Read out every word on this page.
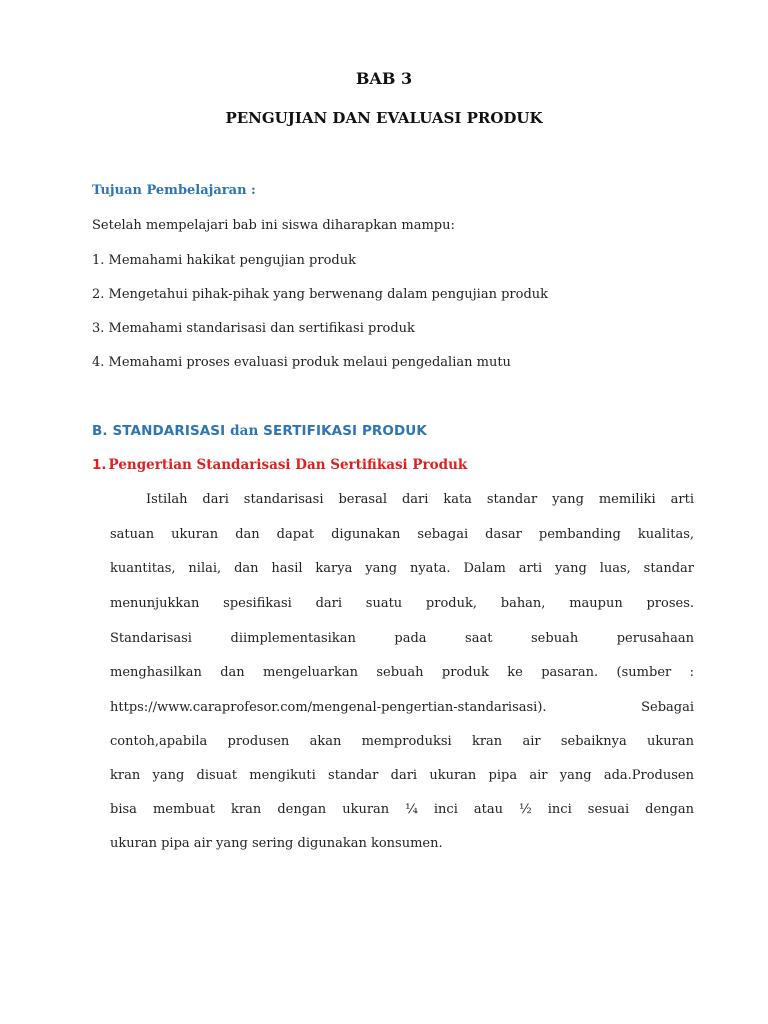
BAB 3
PENGUJIAN DAN EVALUASI PRODUK
Tujuan Pembelajaran :
Setelah mempelajari bab ini siswa diharapkan mampu:
1. Memahami hakikat pengujian produk
2. Mengetahui pihak-pihak yang berwenang dalam pengujian produk
3. Memahami standarisasi dan sertifikasi produk
4. Memahami proses evaluasi produk melaui pengedalian mutu
B. STANDARISASI dan SERTIFIKASI PRODUK
1. Pengertian Standarisasi Dan Sertifikasi Produk
Istilah dari standarisasi berasal dari kata standar yang memiliki arti
satuan ukuran dan dapat digunakan sebagai dasar pembanding kualitas,
kuantitas, nilai, dan hasil karya yang nyata. Dalam arti yang luas, standar
menunjukkan spesifikasi dari suatu produk, bahan, maupun proses.
Standarisasi diimplementasikan pada saat sebuah perusahaan
menghasilkan dan mengeluarkan sebuah produk ke pasaran. (sumber :
https://www.caraprofesor.com/mengenal-pengertian-standarisasi). Sebagai
contoh,apabila produsen akan memproduksi kran air sebaiknya ukuran
kran yang disuat mengikuti standar dari ukuran pipa air yang ada.Produsen
bisa membuat kran dengan ukuran ¼ inci atau ½ inci sesuai dengan
ukuran pipa air yang sering digunakan konsumen.
